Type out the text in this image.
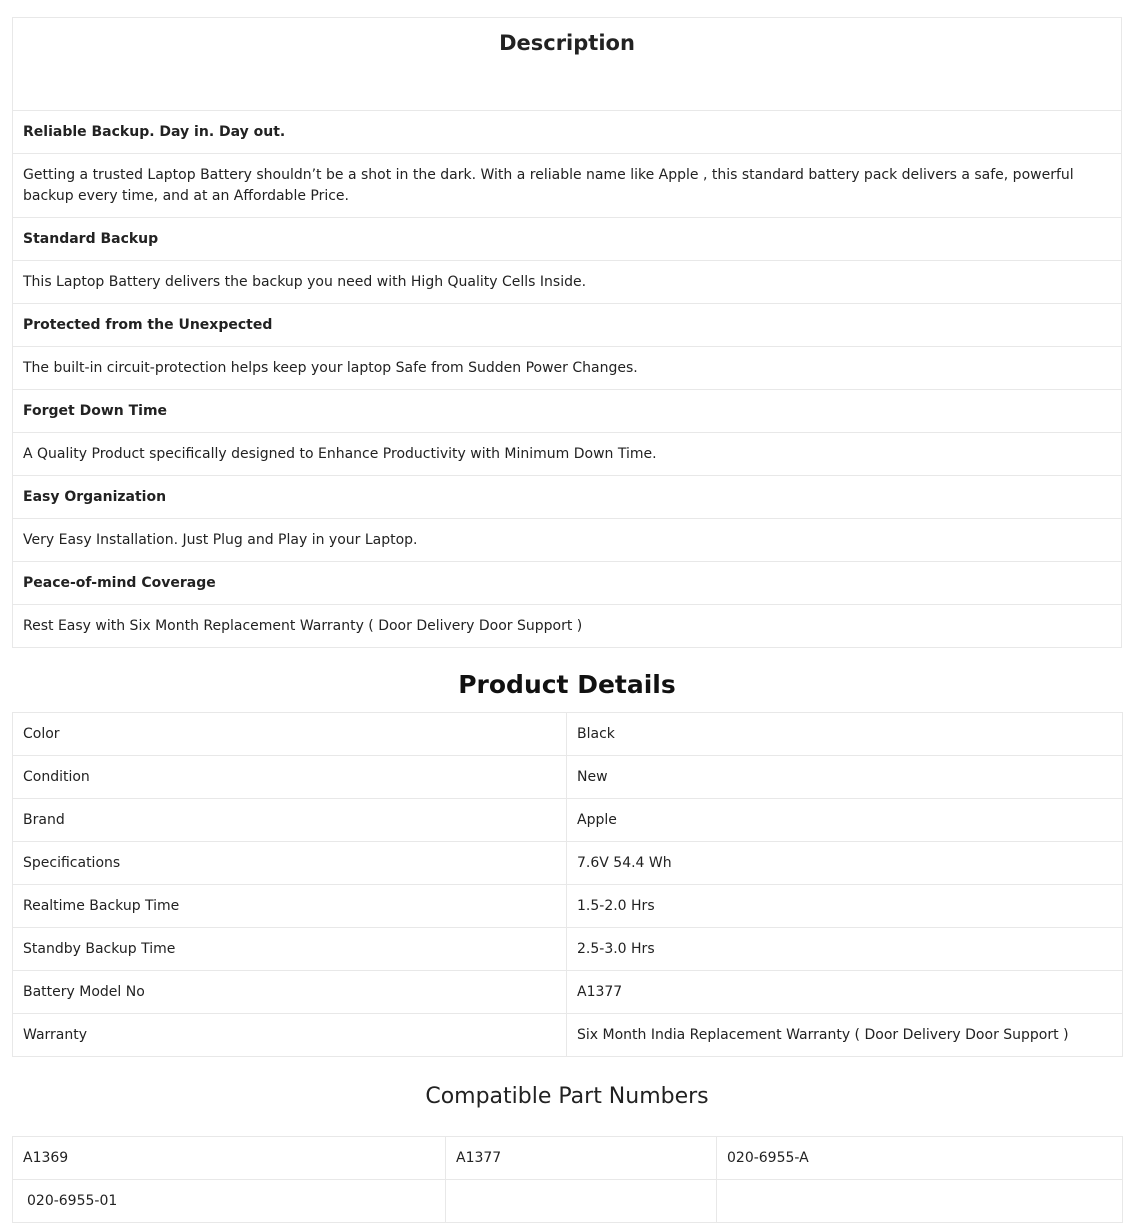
Description

Reliable Backup. Day in. Day out.
Getting a trusted Laptop Battery shouldn’t be a shot in the dark. With a reliable name like Apple , this standard battery pack delivers a safe, powerful backup every time, and at an Affordable Price.
Standard Backup
This Laptop Battery delivers the backup you need with High Quality Cells Inside.
Protected from the Unexpected
The built-in circuit-protection helps keep your laptop Safe from Sudden Power Changes.
Forget Down Time
A Quality Product specifically designed to Enhance Productivity with Minimum Down Time.
Easy Organization
Very Easy Installation. Just Plug and Play in your Laptop.
Peace-of-mind Coverage
Rest Easy with Six Month Replacement Warranty ( Door Delivery Door Support )
Product Details
Color	Black
Condition	New
Brand	Apple
Specifications	7.6V 54.4 Wh
Realtime Backup Time	1.5-2.0 Hrs
Standby Backup Time	2.5-3.0 Hrs
Battery Model No	A1377
Warranty	Six Month India Replacement Warranty ( Door Delivery Door Support )
Compatible Part Numbers
A1369	A1377	020-6955-A
020-6955-01		
